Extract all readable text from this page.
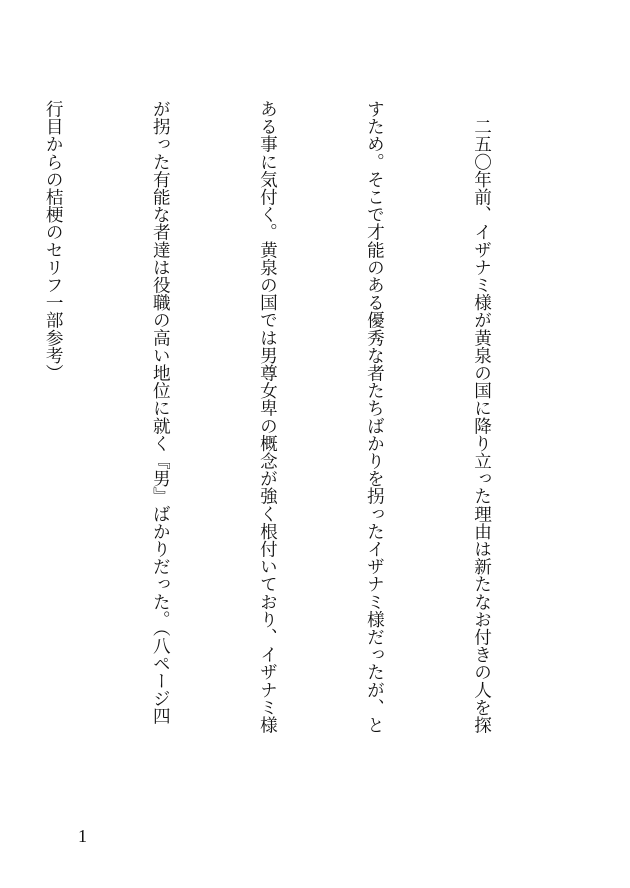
　二五〇年前、イザナミ様が黄泉の国に降り立った理由は新たなお付きの人を探

すため。そこで才能のある優秀な者たちばかりを拐ったイザナミ様だったが、と

ある事に気付く。黄泉の国では男尊女卑の概念が強く根付いており、イザナミ様

が拐った有能な者達は役職の高い地位に就く『男』ばかりだった。（八ページ四

行目からの桔梗のセリフ一部参考）

1
